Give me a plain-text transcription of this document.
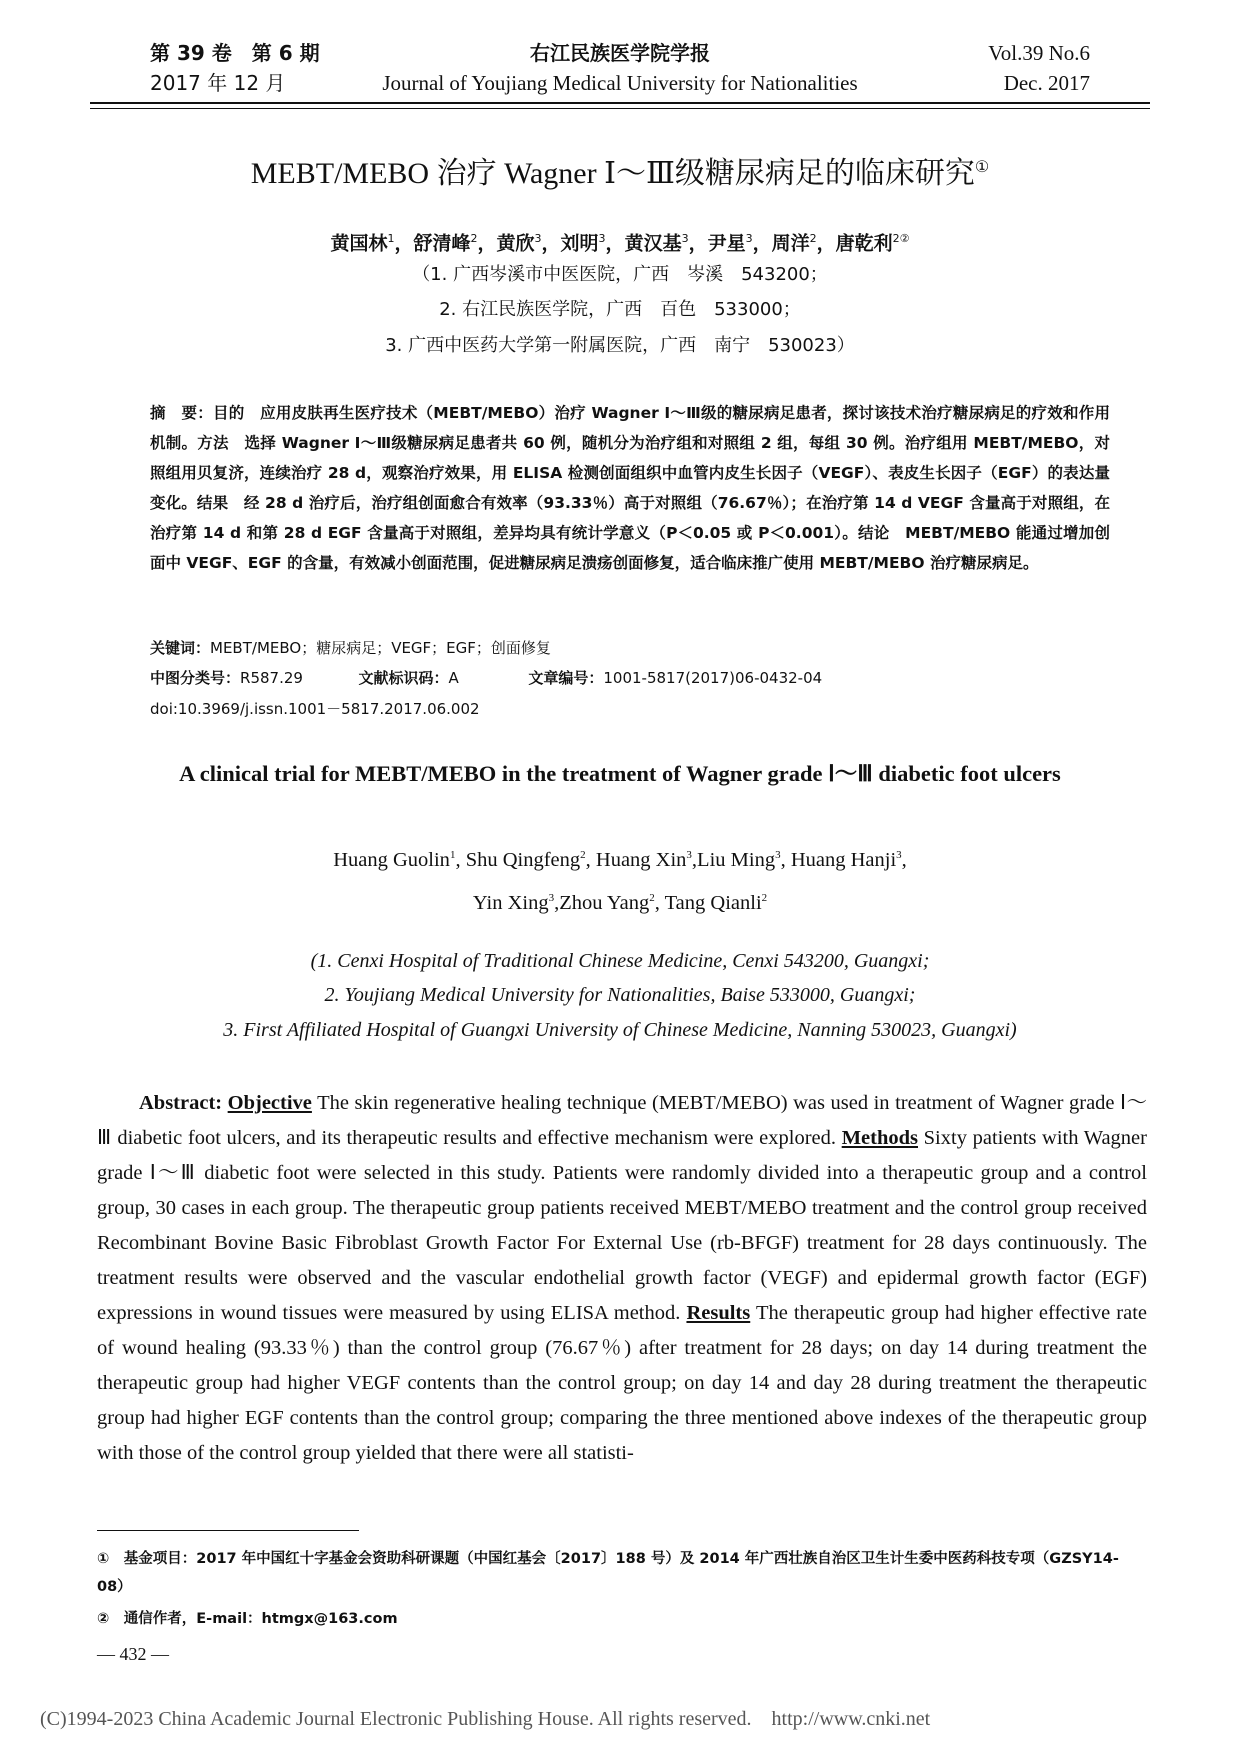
第 39 卷　第 6 期
2017 年 12 月
右江民族医学院学报
Journal of Youjiang Medical University for Nationalities
Vol.39 No.6
Dec. 2017
MEBT/MEBO 治疗 Wagner Ⅰ～Ⅲ级糖尿病足的临床研究①
黄国林$^1$，舒清峰$^2$，黄欣$^3$，刘明$^3$，黄汉基$^3$，尹星$^3$，周洋$^2$，唐乾利$^{2②}$
（1. 广西岑溪市中医医院，广西　岑溪　543200；
2. 右江民族医学院，广西　百色　533000；
3. 广西中医药大学第一附属医院，广西　南宁　530023）
摘　要：目的　应用皮肤再生医疗技术（MEBT/MEBO）治疗 Wagner Ⅰ～Ⅲ级的糖尿病足患者，探讨该技术治疗糖尿病足的疗效和作用机制。方法　选择 Wagner Ⅰ～Ⅲ级糖尿病足患者共 60 例，随机分为治疗组和对照组 2 组，每组 30 例。治疗组用 MEBT/MEBO，对照组用贝复济，连续治疗 28 d，观察治疗效果，用 ELISA 检测创面组织中血管内皮生长因子（VEGF）、表皮生长因子（EGF）的表达量变化。结果　经 28 d 治疗后，治疗组创面愈合有效率（93.33％）高于对照组（76.67％）；在治疗第 14 d VEGF 含量高于对照组，在治疗第 14 d 和第 28 d EGF 含量高于对照组，差异均具有统计学意义（P＜0.05 或 P＜0.001）。结论　MEBT/MEBO 能通过增加创面中 VEGF、EGF 的含量，有效减小创面范围，促进糖尿病足溃疡创面修复，适合临床推广使用 MEBT/MEBO 治疗糖尿病足。
关键词：MEBT/MEBO；糖尿病足；VEGF；EGF；创面修复
中图分类号：R587.29	文献标识码：A	文章编号：1001-5817(2017)06-0432-04
doi:10.3969/j.issn.1001－5817.2017.06.002
A clinical trial for MEBT/MEBO in the treatment of Wagner grade Ⅰ～Ⅲ diabetic foot ulcers
Huang Guolin$^1$, Shu Qingfeng$^2$, Huang Xin$^3$,Liu Ming$^3$, Huang Hanji$^3$,
Yin Xing$^3$,Zhou Yang$^2$, Tang Qianli$^2$
(1. Cenxi Hospital of Traditional Chinese Medicine, Cenxi 543200, Guangxi;
2. Youjiang Medical University for Nationalities, Baise 533000, Guangxi;
3. First Affiliated Hospital of Guangxi University of Chinese Medicine, Nanning 530023, Guangxi)
Abstract: Objective The skin regenerative healing technique (MEBT/MEBO) was used in treatment of Wagner grade Ⅰ～Ⅲ diabetic foot ulcers, and its therapeutic results and effective mechanism were explored. Methods Sixty patients with Wagner grade Ⅰ～Ⅲ diabetic foot were selected in this study. Patients were randomly divided into a therapeutic group and a control group, 30 cases in each group. The therapeutic group patients received MEBT/MEBO treatment and the control group received Recombinant Bovine Basic Fibroblast Growth Factor For External Use (rb-BFGF) treatment for 28 days continuously. The treatment results were observed and the vascular endothelial growth factor (VEGF) and epidermal growth factor (EGF) expressions in wound tissues were measured by using ELISA method. Results The therapeutic group had higher effective rate of wound healing (93.33％) than the control group (76.67％) after treatment for 28 days; on day 14 during treatment the therapeutic group had higher VEGF contents than the control group; on day 14 and day 28 during treatment the therapeutic group had higher EGF contents than the control group; comparing the three mentioned above indexes of the therapeutic group with those of the control group yielded that there were all statisti-
①　基金项目：2017 年中国红十字基金会资助科研课题（中国红基会〔2017〕188 号）及 2014 年广西壮族自治区卫生计生委中医药科技专项（GZSY14-08）
②　通信作者，E-mail：htmgx@163.com
— 432 —
(C)1994-2023 China Academic Journal Electronic Publishing House. All rights reserved.　http://www.cnki.net
